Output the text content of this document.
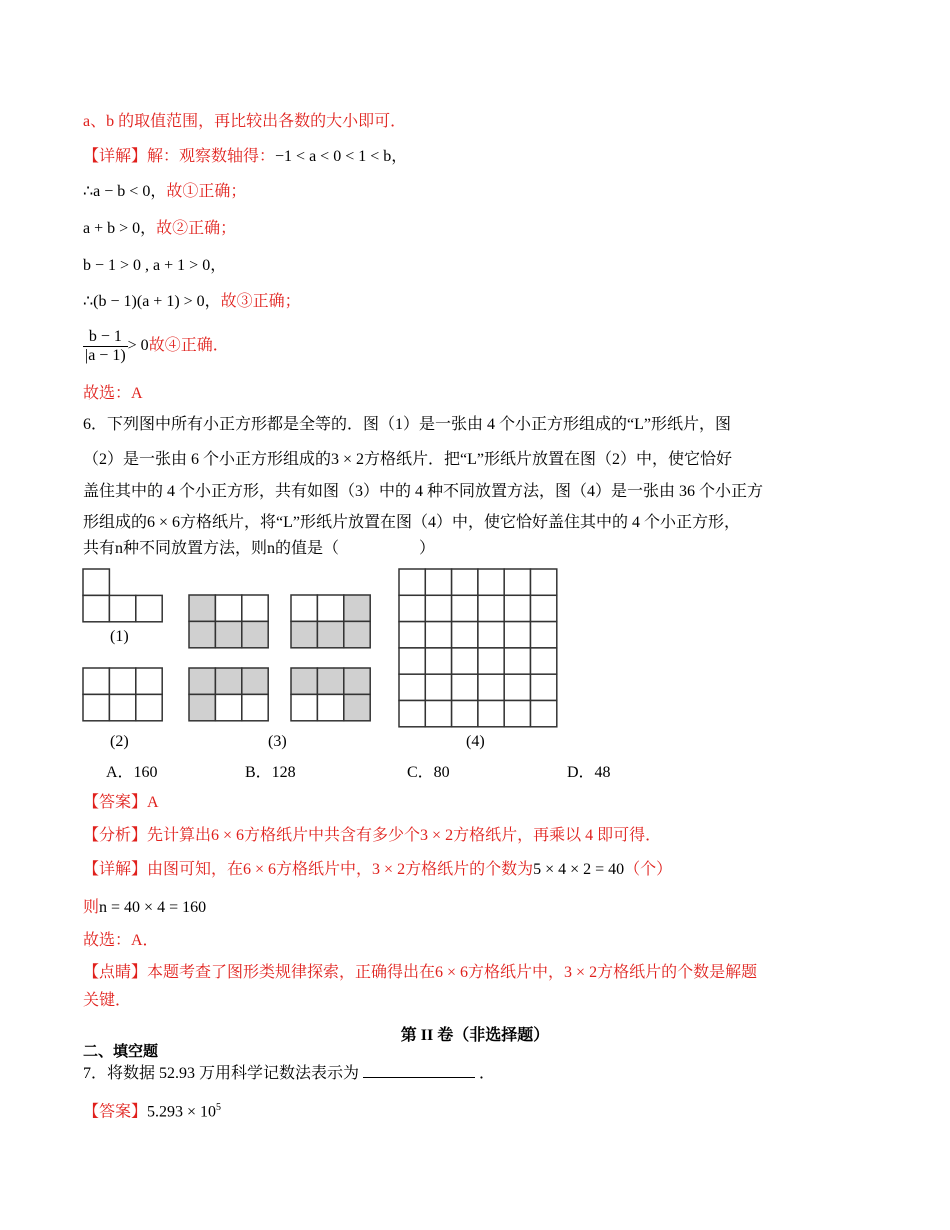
a、b 的取值范围，再比较出各数的大小即可．
【详解】解：观察数轴得：−1 < a < 0 < 1 < b，
∴a − b < 0，故①正确；
a + b > 0，故②正确；
b − 1 > 0 , a + 1 > 0，
∴(b − 1)(a + 1) > 0，故③正确；
$\frac{b - 1}{|a - 1)} > 0$故④正确．
故选：A
6．下列图中所有小正方形都是全等的．图（1）是一张由 4 个小正方形组成的“L”形纸片，图
（2）是一张由 6 个小正方形组成的3 × 2方格纸片．把“L”形纸片放置在图（2）中，使它恰好
盖住其中的 4 个小正方形，共有如图（3）中的 4 种不同放置方法，图（4）是一张由 36 个小正方
形组成的6 × 6方格纸片，将“L”形纸片放置在图（4）中，使它恰好盖住其中的 4 个小正方形，
共有n种不同放置方法，则n的值是（　　　　　）
(1)
(2)	(3)	(4)
A．160	B．128	C．80	D．48
【答案】A
【分析】先计算出6 × 6方格纸片中共含有多少个3 × 2方格纸片，再乘以 4 即可得．
【详解】由图可知，在6 × 6方格纸片中，3 × 2方格纸片的个数为5 × 4 × 2 = 40（个）
则n = 40 × 4 = 160
故选：A．
【点睛】本题考查了图形类规律探索，正确得出在6 × 6方格纸片中，3 × 2方格纸片的个数是解题
关键．
第 II 卷（非选择题）
二、填空题
7．将数据 52.93 万用科学记数法表示为	．
【答案】$5.293 \times 10^5$
